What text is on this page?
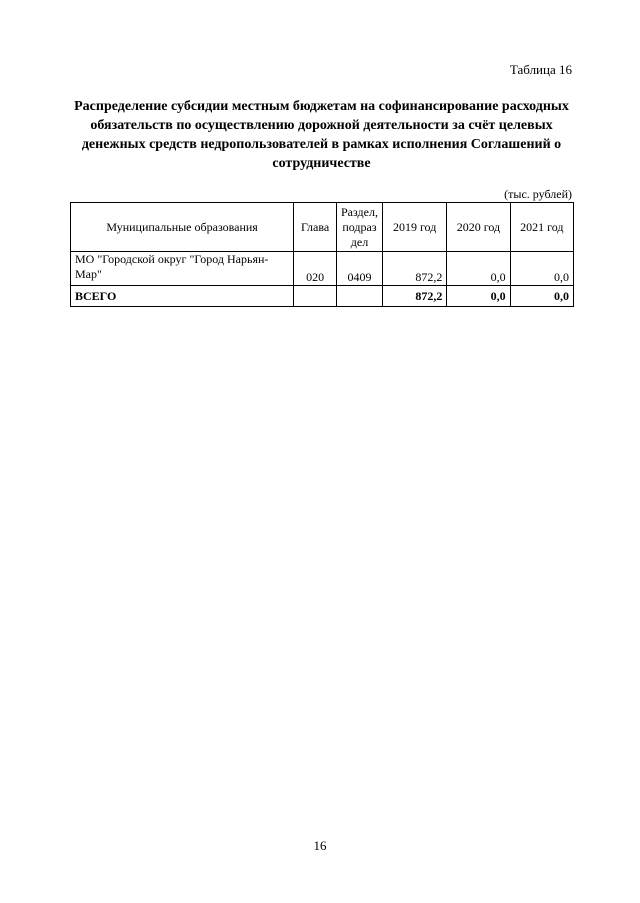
Таблица 16
Распределение субсидии местным бюджетам на софинансирование расходных
обязательств по осуществлению дорожной деятельности за счёт целевых
денежных средств недропользователей в рамках исполнения Соглашений о
сотрудничестве
(тыс. рублей)
Муниципальные образования	Глава	Раздел,
подраз
дел	2019 год	2020 год	2021 год
МО "Городской округ "Город Нарьян-Мар"	020	0409	872,2	0,0	0,0
ВСЕГО			872,2	0,0	0,0
16
